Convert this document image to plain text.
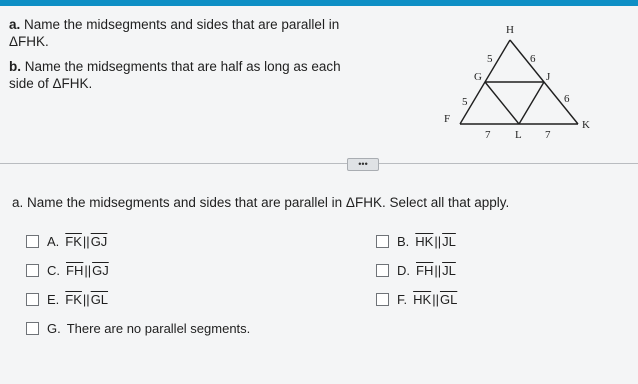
a. Name the midsegments and sides that are parallel in ΔFHK.
b. Name the midsegments that are half as long as each side of ΔFHK.
H
G	J
F
L
K
5	6
5	6
7	7
•••
a. Name the midsegments and sides that are parallel in ΔFHK. Select all that apply.
A. $\overline{FK}$ || $\overline{GJ}$	B. $\overline{HK}$ || $\overline{JL}$
C. $\overline{FH}$ || $\overline{GJ}$	D. $\overline{FH}$ || $\overline{JL}$
E. $\overline{FK}$ || $\overline{GL}$	F. $\overline{HK}$ || $\overline{GL}$
G. There are no parallel segments.
